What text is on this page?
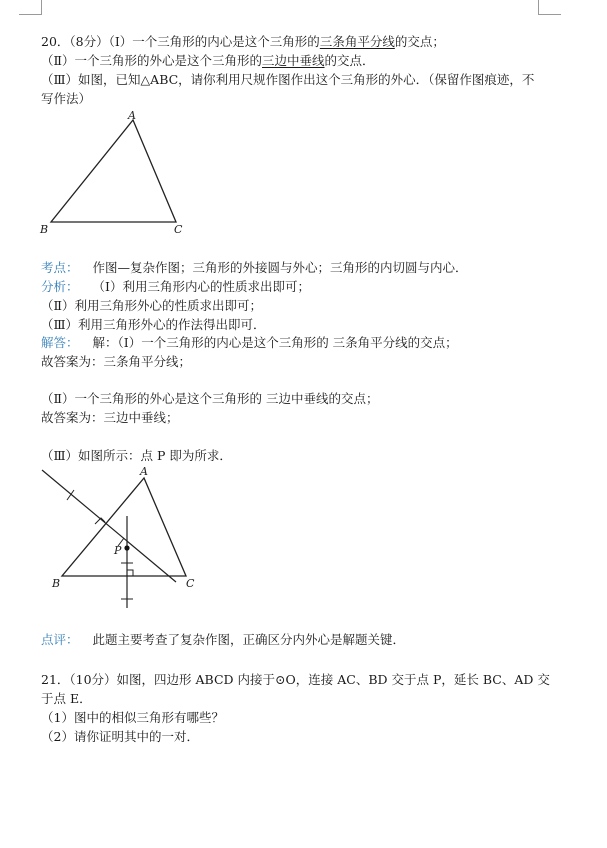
20．（8分）（Ⅰ）一个三角形的内心是这个三角形的三条角平分线的交点；
（Ⅱ）一个三角形的外心是这个三角形的三边中垂线的交点．
（Ⅲ）如图，已知△ABC，请你利用尺规作图作出这个三角形的外心．（保留作图痕迹，不
写作法）
A
B	C
考点： 作图—复杂作图；三角形的外接圆与外心；三角形的内切圆与内心．
分析： （Ⅰ）利用三角形内心的性质求出即可；
（Ⅱ）利用三角形外心的性质求出即可；
（Ⅲ）利用三角形外心的作法得出即可．
解答： 解：（Ⅰ）一个三角形的内心是这个三角形的 三条角平分线的交点；
故答案为：三条角平分线；
（Ⅱ）一个三角形的外心是这个三角形的 三边中垂线的交点；
故答案为：三边中垂线；
（Ⅲ）如图所示：点 P 即为所求．
A
B	C
P
点评： 此题主要考查了复杂作图，正确区分内外心是解题关键．
21．（10分）如图，四边形 ABCD 内接于⊙O，连接 AC、BD 交于点 P，延长 BC、AD 交
于点 E．
（1）图中的相似三角形有哪些？
（2）请你证明其中的一对．
